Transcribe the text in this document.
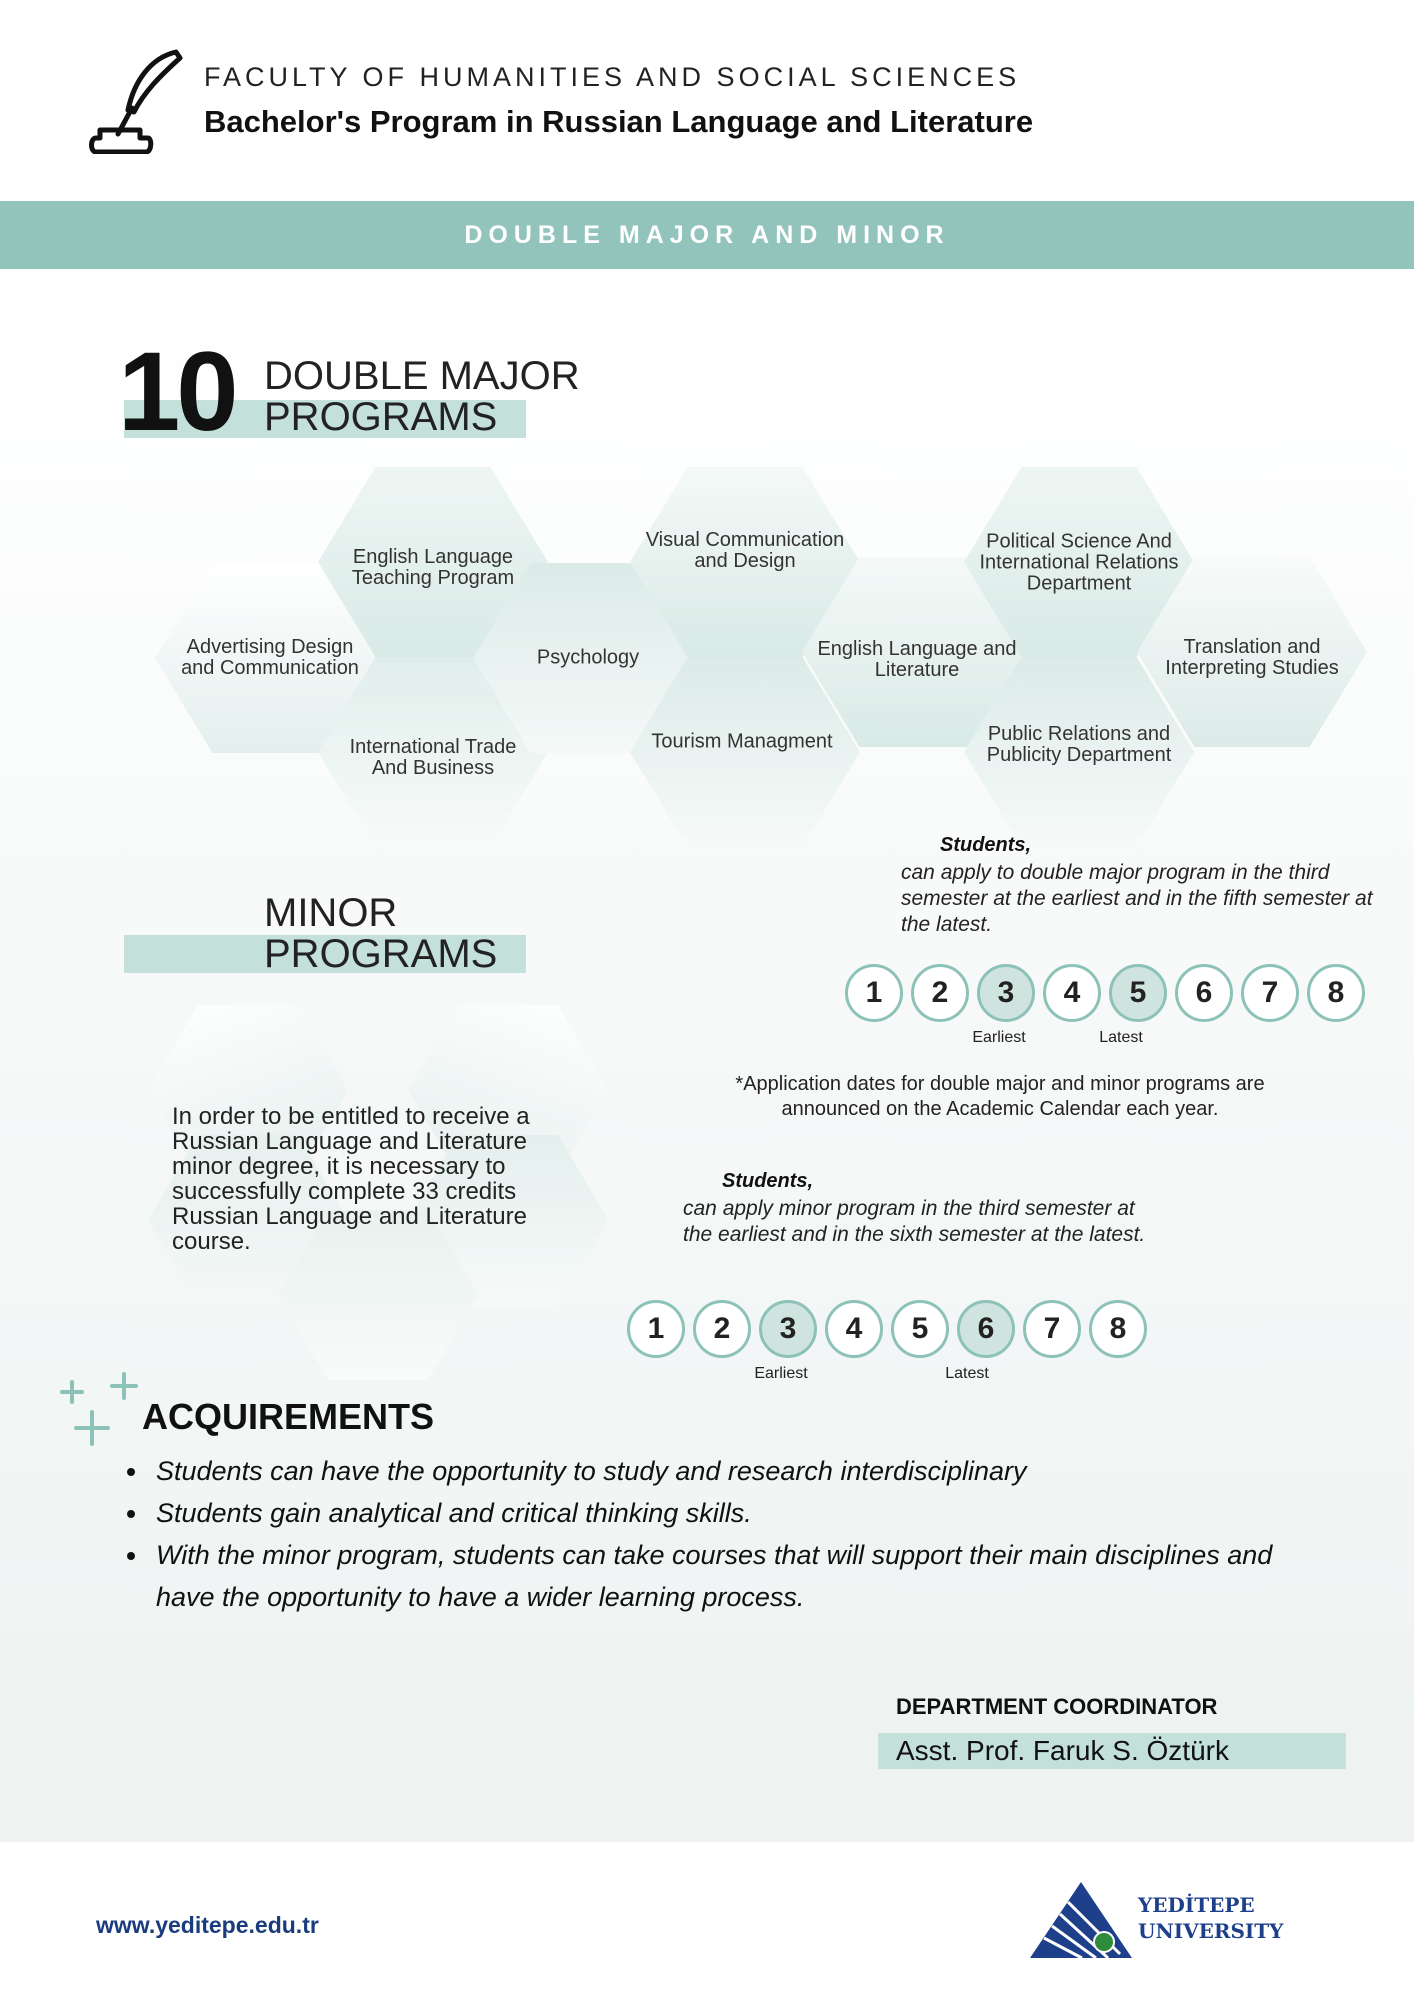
FACULTY OF HUMANITIES AND SOCIAL SCIENCES
Bachelor's Program in Russian Language and Literature
DOUBLE MAJOR AND MINOR
10 DOUBLE MAJOR
PROGRAMS
Advertising Design and Communication
English Language Teaching Program
International Trade And Business
Psychology
Visual Communication and Design
Tourism Managment
English Language and Literature
Political Science And International Relations Department
Public Relations and Publicity Department
Translation and Interpreting Studies
Students,
can apply to double major program in the third semester at the earliest and in the fifth semester at the latest.
1	2	3	4	5	6	7	8
Earliest	Latest
*Application dates for double major and minor programs are announced on the Academic Calendar each year.
MINOR
PROGRAMS
In order to be entitled to receive a Russian Language and Literature minor degree, it is necessary to successfully complete 33 credits Russian Language and Literature course.
Students,
can apply minor program in the third semester at the earliest and in the sixth semester at the latest.
1	2	3	4	5	6	7	8
Earliest	Latest
ACQUIREMENTS
• Students can have the opportunity to study and research interdisciplinary
• Students gain analytical and critical thinking skills.
• With the minor program, students can take courses that will support their main disciplines and have the opportunity to have a wider learning process.
DEPARTMENT COORDINATOR
Asst. Prof. Faruk S. Öztürk
www.yeditepe.edu.tr
YEDİTEPE
UNIVERSITY
